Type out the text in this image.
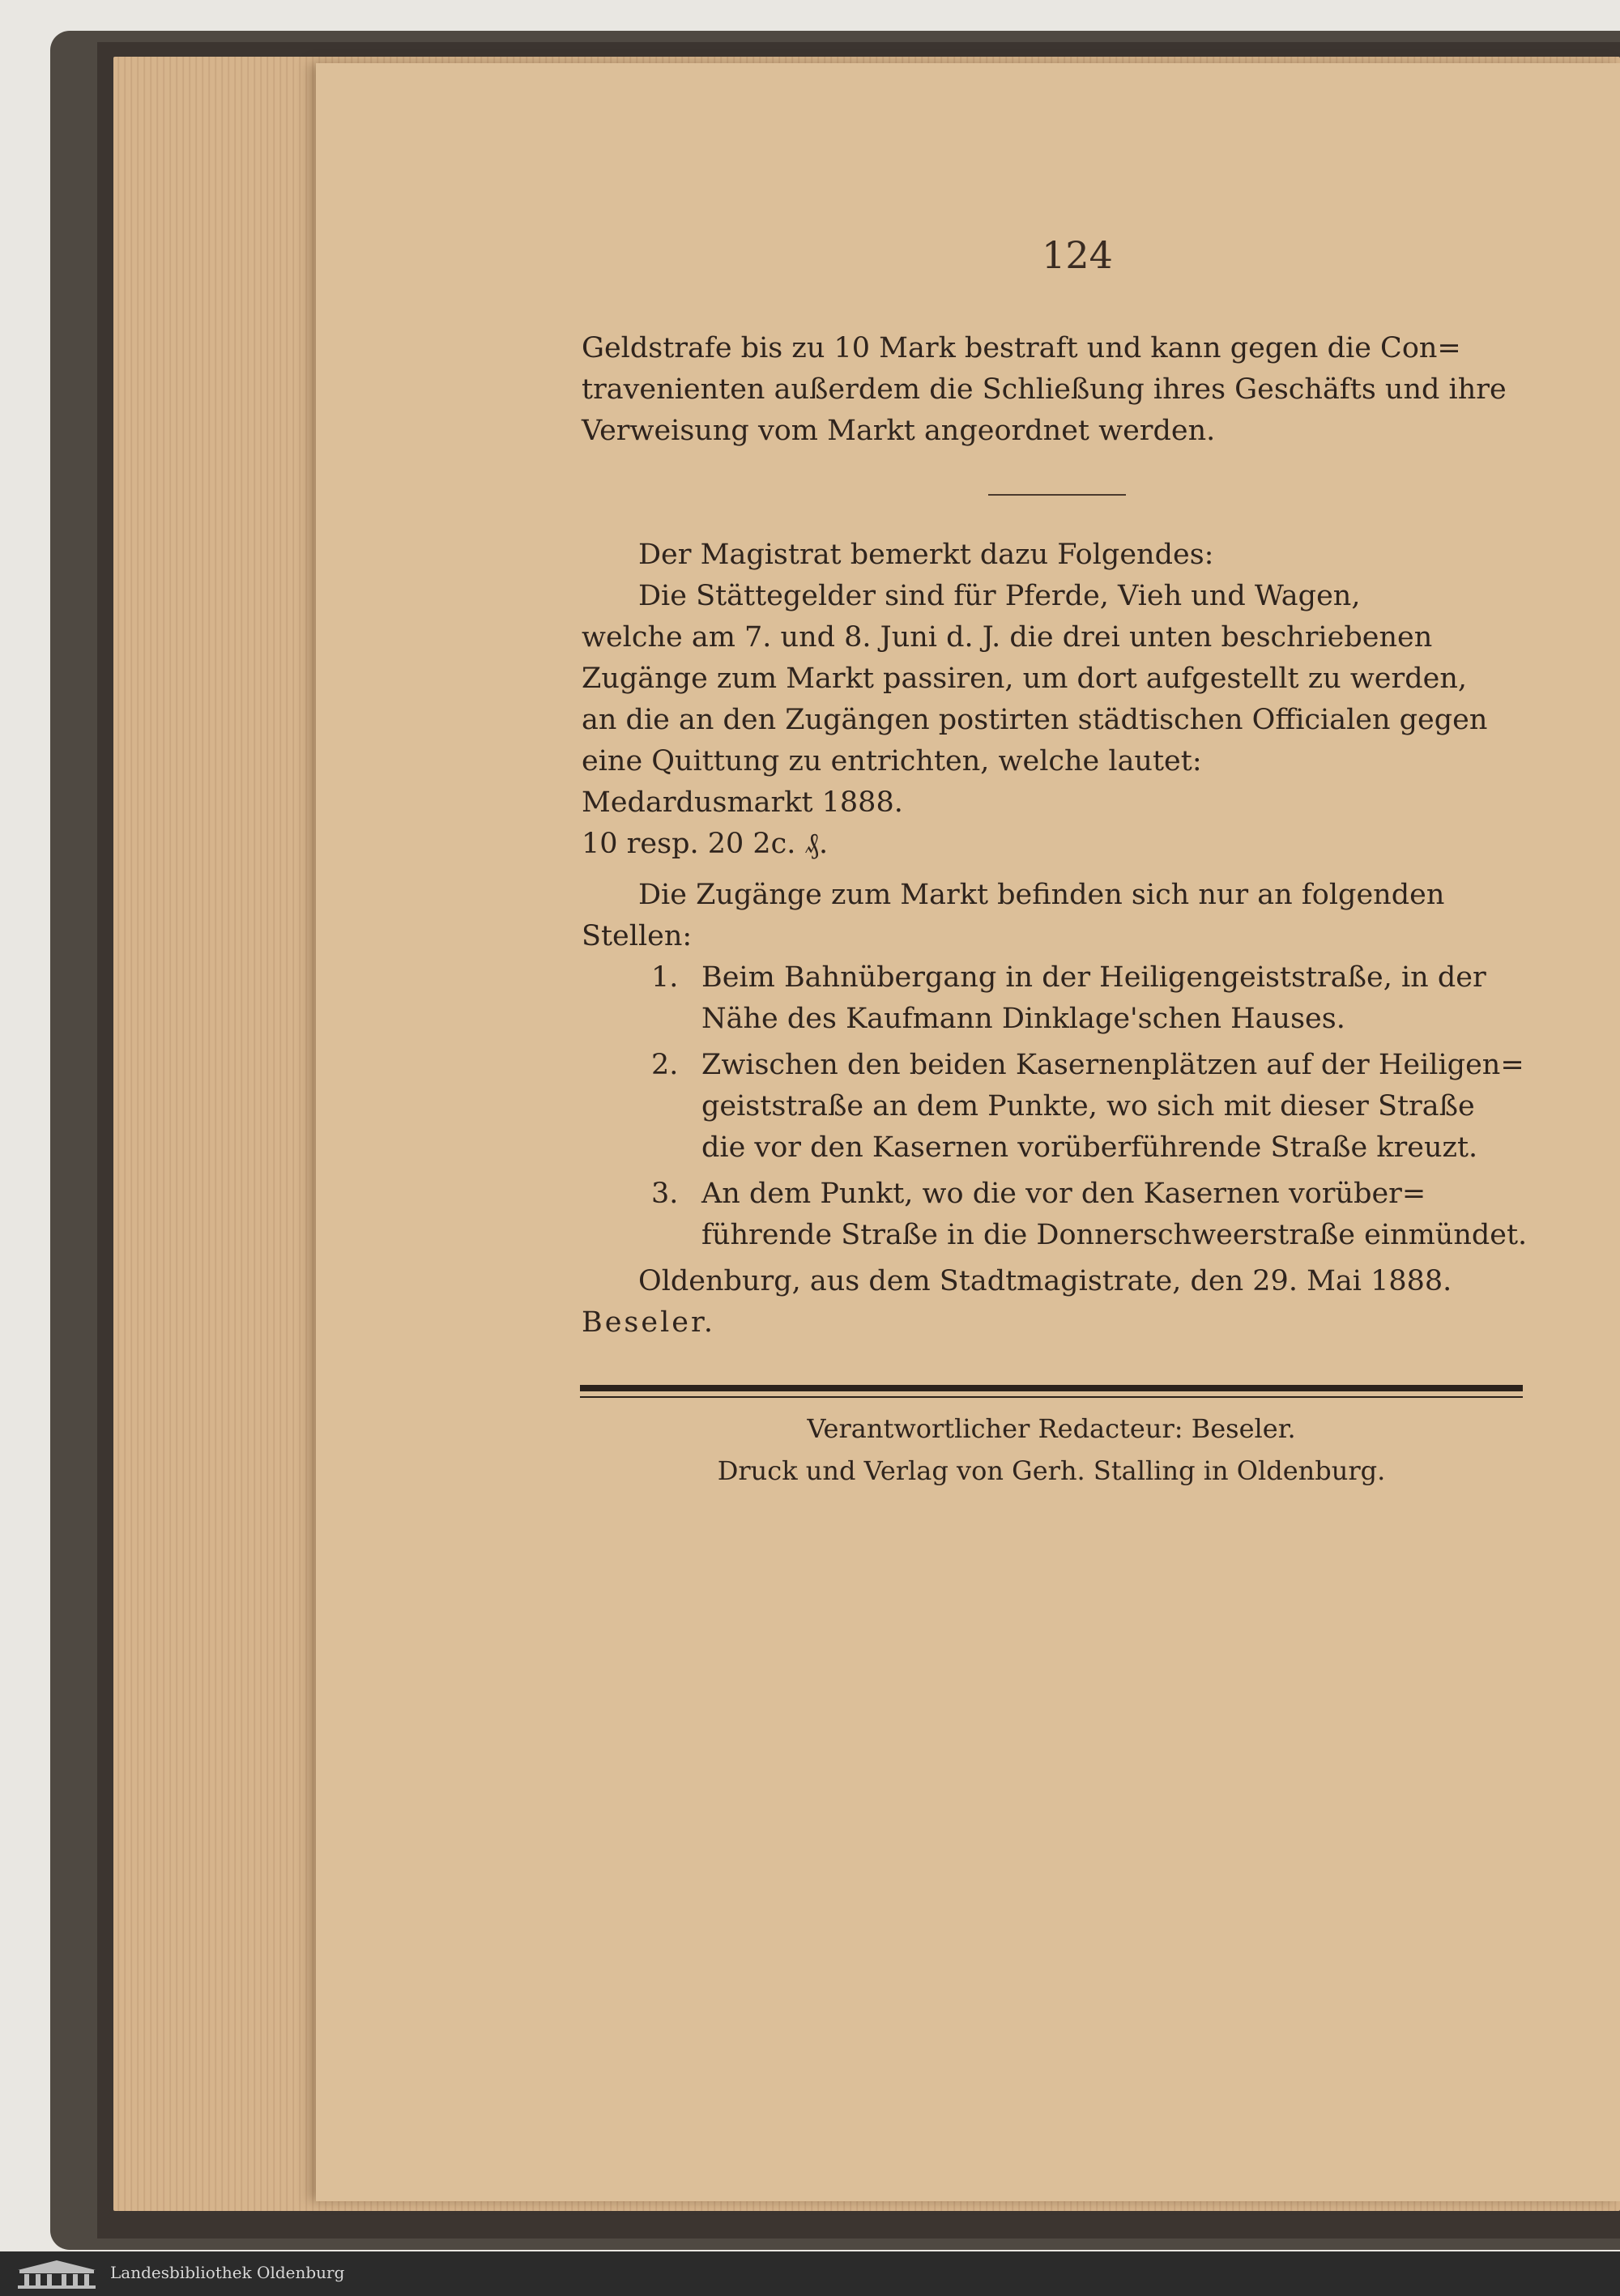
124

Geldstrafe bis zu 10 Mark bestraft und kann gegen die Con=

travenienten außerdem die Schließung ihres Geschäfts und ihre

Verweisung vom Markt angeordnet werden.

Der Magistrat bemerkt dazu Folgendes:

Die Stättegelder sind für Pferde, Vieh und Wagen,

welche am 7. und 8. Juni d. J. die drei unten beschriebenen

Zugänge zum Markt passiren, um dort aufgestellt zu werden,

an die an den Zugängen postirten städtischen Officialen gegen

eine Quittung zu entrichten, welche lautet:

Medardusmarkt 1888.

10 resp. 20 2c. ₰.

Die Zugänge zum Markt befinden sich nur an folgenden

Stellen:

1. Beim Bahnübergang in der Heiligengeiststraße, in der

Nähe des Kaufmann Dinklage'schen Hauses.

2. Zwischen den beiden Kasernenplätzen auf der Heiligen=

geiststraße an dem Punkte, wo sich mit dieser Straße

die vor den Kasernen vorüberführende Straße kreuzt.

3. An dem Punkt, wo die vor den Kasernen vorüber=

führende Straße in die Donnerschweerstraße einmündet.

Oldenburg, aus dem Stadtmagistrate, den 29. Mai 1888.

Beseler.

Verantwortlicher Redacteur: Beseler.
Druck und Verlag von Gerh. Stalling in Oldenburg.
Landesbibliothek Oldenburg
